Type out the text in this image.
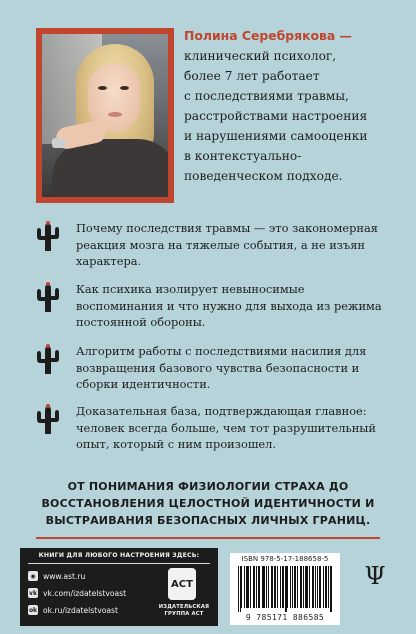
Полина Серебрякова —
клинический психолог,
более 7 лет работает
с последствиями травмы,
расстройствами настроения
и нарушениями самооценки
в контекстуально-
поведенческом подходе.

Почему последствия травмы — это закономерная реакция мозга на тяжелые события, а не изъян характера.

Как психика изолирует невыносимые воспоминания и что нужно для выхода из режима постоянной обороны.

Алгоритм работы с последствиями насилия для возвращения базового чувства безопасности и сборки идентичности.

Доказательная база, подтверждающая главное: человек всегда больше, чем тот разрушительный опыт, который с ним произошел.

ОТ ПОНИМАНИЯ ФИЗИОЛОГИИ СТРАХА ДО ВОССТАНОВЛЕНИЯ ЦЕЛОСТНОЙ ИДЕНТИЧНОСТИ И ВЫСТРАИВАНИЯ БЕЗОПАСНЫХ ЛИЧНЫХ ГРАНИЦ.

КНИГИ ДЛЯ ЛЮБОГО НАСТРОЕНИЯ ЗДЕСЬ:
◉ www.ast.ru
vk vk.com/izdatelstvoast
ok ok.ru/izdatelstvoast
ACT
ИЗДАТЕЛЬСКАЯ
ГРУППА АСТ
ISBN 978-5-17-188658-5
9 785171 886585
Ψ
